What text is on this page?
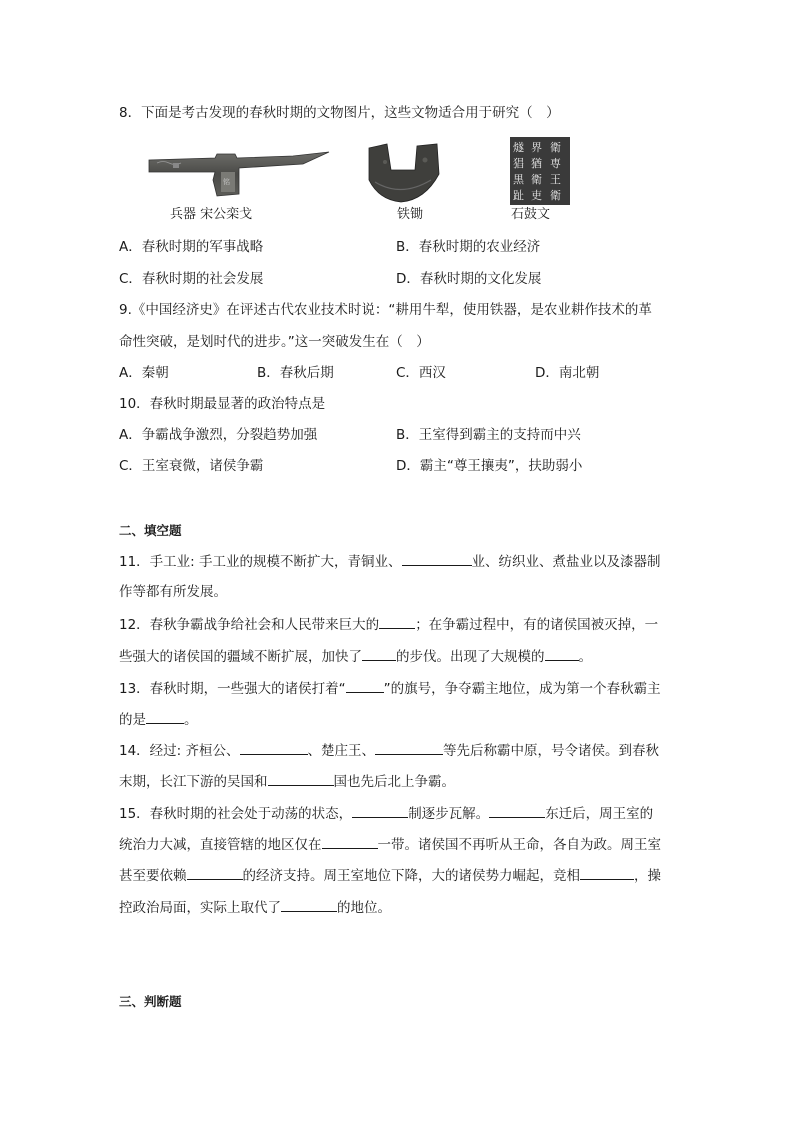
8．下面是考古发现的春秋时期的文物图片，这些文物适合用于研究（　）
铭
兵器 宋公栾戈	铁锄
燧 界 衛
猖 猶 専
黒 衛 王
趾 吏 衛
石鼓文
A．春秋时期的军事战略	B．春秋时期的农业经济
C．春秋时期的社会发展	D．春秋时期的文化发展
9.《中国经济史》在评述古代农业技术时说：“耕用牛犁，使用铁器，是农业耕作技术的革
命性突破，是划时代的进步。”这一突破发生在（　）
A．秦朝	B．春秋后期	C．西汉	D．南北朝
10．春秋时期最显著的政治特点是
A．争霸战争激烈，分裂趋势加强	B．王室得到霸主的支持而中兴
C．王室衰微，诸侯争霸	D．霸主“尊王攘夷”，扶助弱小
二、填空题
11．手工业: 手工业的规模不断扩大，青铜业、	业、纺织业、煮盐业以及漆器制
作等都有所发展。
12．春秋争霸战争给社会和人民带来巨大的	；在争霸过程中，有的诸侯国被灭掉，一
些强大的诸侯国的疆域不断扩展，加快了	的步伐。出现了大规模的	。
13．春秋时期，一些强大的诸侯打着“	”的旗号，争夺霸主地位，成为第一个春秋霸主
的是	。
14．经过: 齐桓公、	、楚庄王、	等先后称霸中原，号令诸侯。到春秋
末期，长江下游的吴国和	国也先后北上争霸。
15．春秋时期的社会处于动荡的状态，	制逐步瓦解。	东迁后，周王室的
统治力大减，直接管辖的地区仅在	一带。诸侯国不再听从王命，各自为政。周王室
甚至要依赖	的经济支持。周王室地位下降，大的诸侯势力崛起，竞相	，操
控政治局面，实际上取代了	的地位。
三、判断题
